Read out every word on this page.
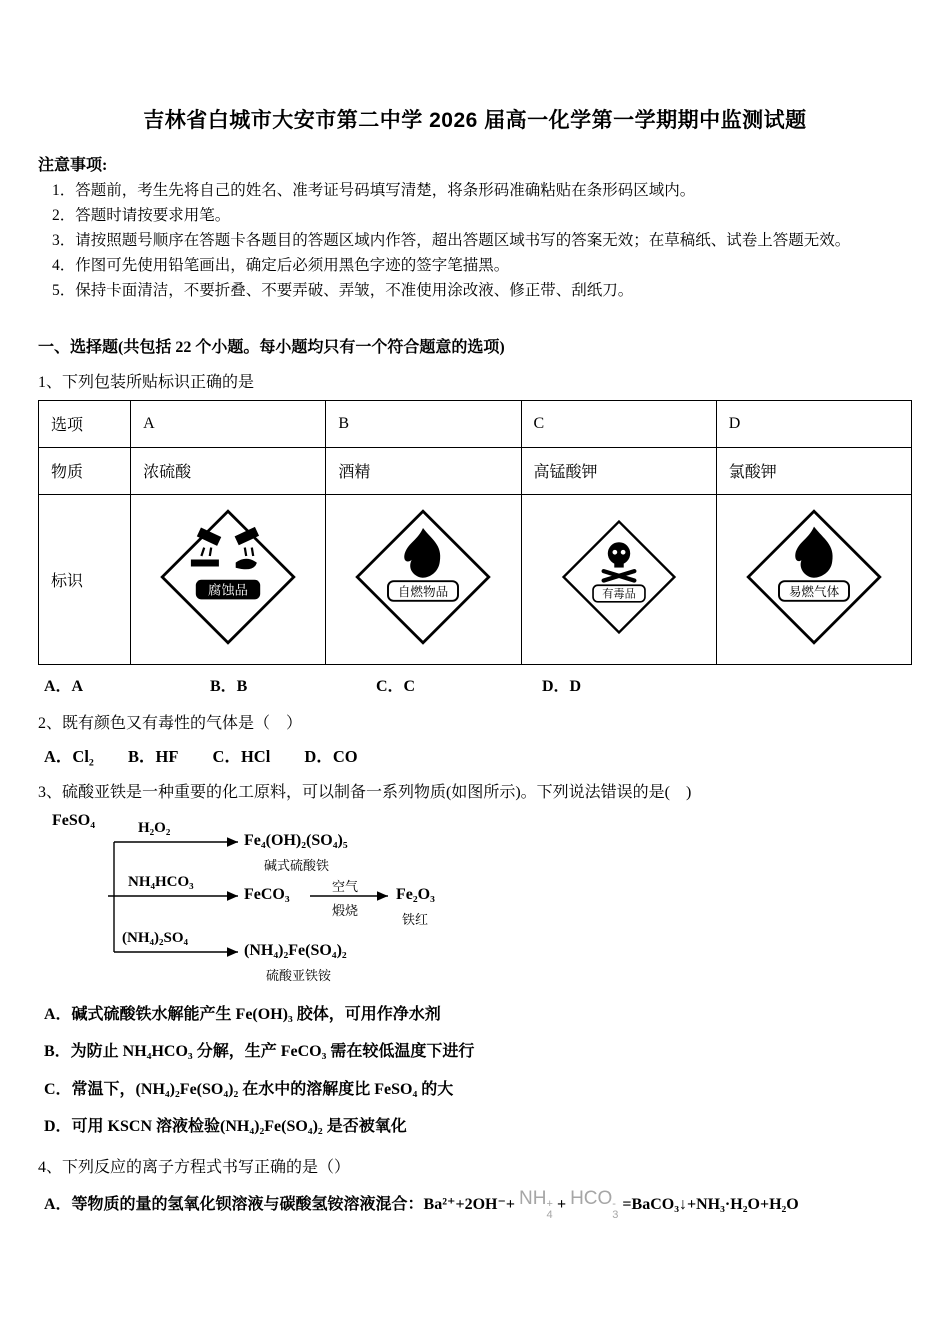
吉林省白城市大安市第二中学 2026 届高一化学第一学期期中监测试题
注意事项:
1．答题前，考生先将自己的姓名、准考证号码填写清楚，将条形码准确粘贴在条形码区域内。
2．答题时请按要求用笔。
3．请按照题号顺序在答题卡各题目的答题区域内作答，超出答题区域书写的答案无效；在草稿纸、试卷上答题无效。
4．作图可先使用铅笔画出，确定后必须用黑色字迹的签字笔描黑。
5．保持卡面清洁，不要折叠、不要弄破、弄皱，不准使用涂改液、修正带、刮纸刀。
一、选择题(共包括 22 个小题。每小题均只有一个符合题意的选项)
1、下列包装所贴标识正确的是
选项	A	B	C	D
物质	浓硫酸	酒精	高锰酸钾	氯酸钾
标识	腐蚀品	自燃物品	有毒品	易燃气体
A．A	B．B	C．C	D．D
2、既有颜色又有毒性的气体是（　）
A．Cl₂ B．HF C．HCl D．CO
3、硫酸亚铁是一种重要的化工原料，可以制备一系列物质(如图所示)。下列说法错误的是(　)
FeSO₄	H₂O₂
Fe₄(OH)₂(SO₄)₅
碱式硫酸铁
NH₄HCO₃
FeCO₃	空气
煅烧
Fe₂O₃
铁红
(NH₄)₂SO₄
(NH₄)₂Fe(SO₄)₂
硫酸亚铁铵
A．碱式硫酸铁水解能产生 Fe(OH)₃ 胶体，可用作净水剂
B．为防止 NH₄HCO₃ 分解，生产 FeCO₃ 需在较低温度下进行
C．常温下，(NH₄)₂Fe(SO₄)₂ 在水中的溶解度比 FeSO₄ 的大
D．可用 KSCN 溶液检验(NH₄)₂Fe(SO₄)₂ 是否被氧化
4、下列反应的离子方程式书写正确的是（）
A．等物质的量的氢氧化钡溶液与碳酸氢铵溶液混合：Ba²⁺+2OH⁻+ NH +
4
+ HCO -
3
=BaCO₃↓+NH₃·H₂O+H₂O
